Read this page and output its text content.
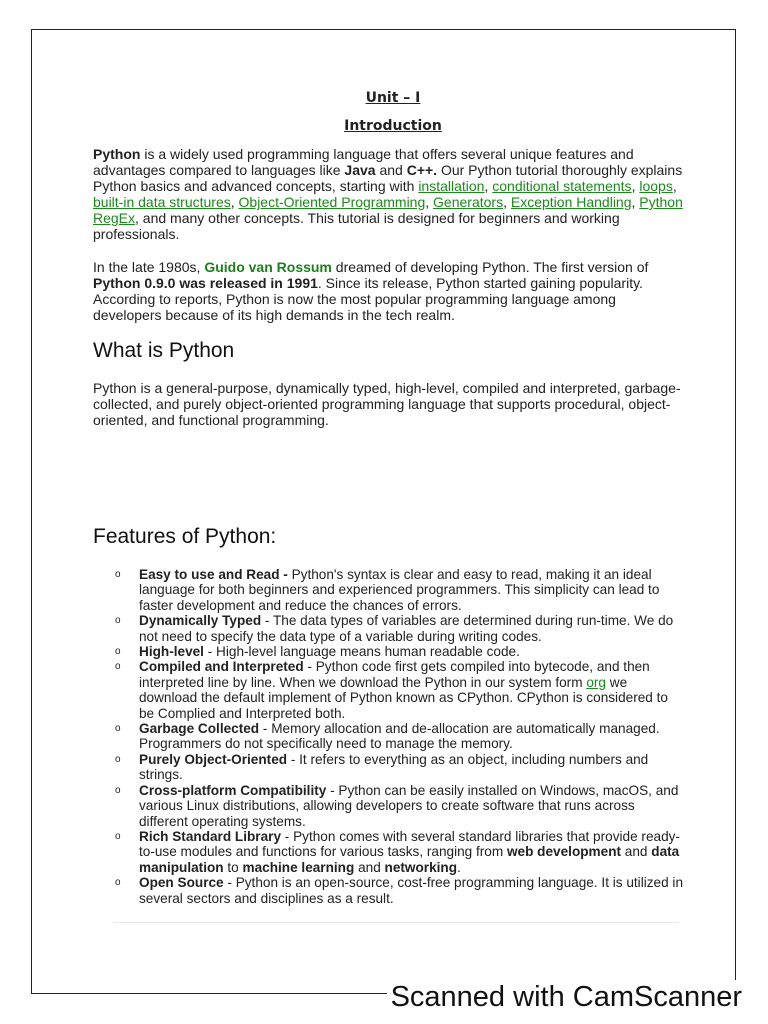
Unit – I
Introduction

Python is a widely used programming language that offers several unique features and advantages compared to languages like Java and C++. Our Python tutorial thoroughly explains Python basics and advanced concepts, starting with installation, conditional statements, loops, built-in data structures, Object-Oriented Programming, Generators, Exception Handling, Python RegEx, and many other concepts. This tutorial is designed for beginners and working professionals.

In the late 1980s, Guido van Rossum dreamed of developing Python. The first version of Python 0.9.0 was released in 1991. Since its release, Python started gaining popularity. According to reports, Python is now the most popular programming language among developers because of its high demands in the tech realm.

What is Python

Python is a general-purpose, dynamically typed, high-level, compiled and interpreted, garbage-collected, and purely object-oriented programming language that supports procedural, object-oriented, and functional programming.

Features of Python:
o Easy to use and Read - Python's syntax is clear and easy to read, making it an ideal language for both beginners and experienced programmers. This simplicity can lead to faster development and reduce the chances of errors.
o Dynamically Typed - The data types of variables are determined during run-time. We do not need to specify the data type of a variable during writing codes.
o High-level - High-level language means human readable code.
o Compiled and Interpreted - Python code first gets compiled into bytecode, and then interpreted line by line. When we download the Python in our system form org we download the default implement of Python known as CPython. CPython is considered to be Complied and Interpreted both.
o Garbage Collected - Memory allocation and de-allocation are automatically managed. Programmers do not specifically need to manage the memory.
o Purely Object-Oriented - It refers to everything as an object, including numbers and strings.
o Cross-platform Compatibility - Python can be easily installed on Windows, macOS, and various Linux distributions, allowing developers to create software that runs across different operating systems.
o Rich Standard Library - Python comes with several standard libraries that provide ready-to-use modules and functions for various tasks, ranging from web development and data manipulation to machine learning and networking.
o Open Source - Python is an open-source, cost-free programming language. It is utilized in several sectors and disciplines as a result.
Scanned with CamScanner
